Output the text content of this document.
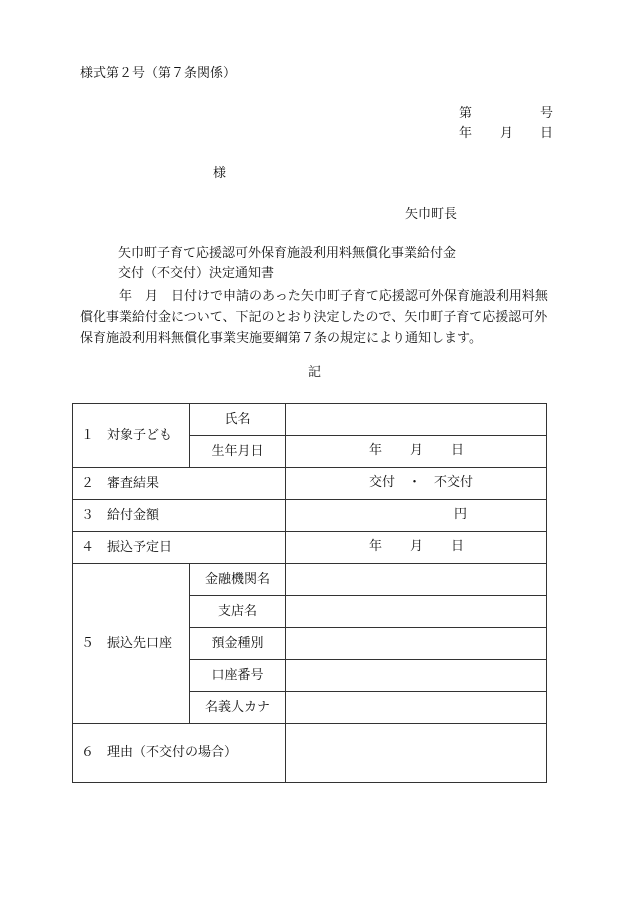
様式第２号（第７条関係）
第	号
年 月 日
様
矢巾町長
矢巾町子育て応援認可外保育施設利用料無償化事業給付金
交付（不交付）決定通知書
年　月　日付けで申請のあった矢巾町子育て応援認可外保育施設利用料無償化事業給付金について、下記のとおり決定したので、矢巾町子育て応援認可外保育施設利用料無償化事業実施要綱第７条の規定により通知します。
記
１　対象子ども	氏名	
	生年月日	年 月 日

２　審査結果		交付　・　不交付

３　給付金額		円

４　振込予定日		年 月 日

５　振込先口座	金融機関名	
	支店名	
	預金種別	
	口座番号	
	名義人カナ	
６　理由（不交付の場合）		
